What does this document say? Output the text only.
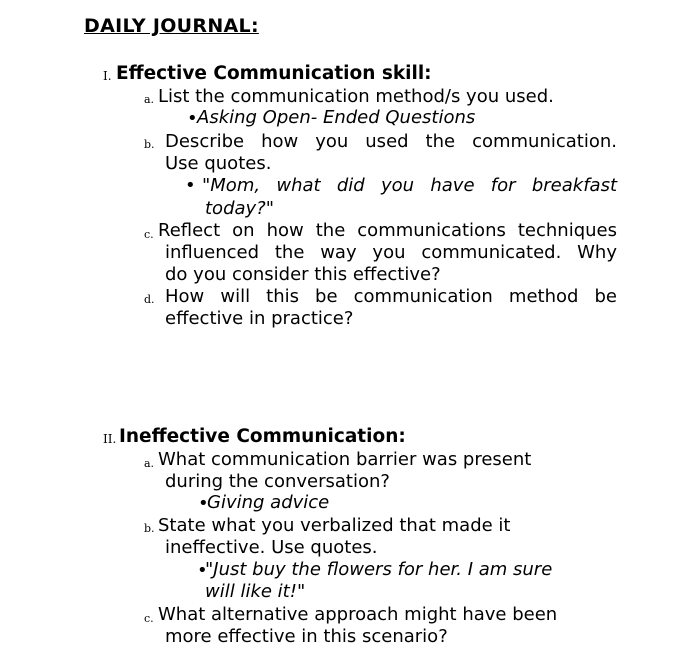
DAILY JOURNAL:
I. Effective Communication skill:
a. List the communication method/s you used.
• Asking Open- Ended Questions
b. Describe how you used the communication.
Use quotes.
• "Mom, what did you have for breakfast
today?"
c. Reflect on how the communications techniques
influenced the way you communicated. Why
do you consider this effective?
d. How will this be communication method be
effective in practice?
II. Ineffective Communication:
a. What communication barrier was present
during the conversation?
•
Giving advice
b. State what you verbalized that made it
ineffective. Use quotes.
•
"Just buy the flowers for her. I am sure
will like it!"
c. What alternative approach might have been
more effective in this scenario?
